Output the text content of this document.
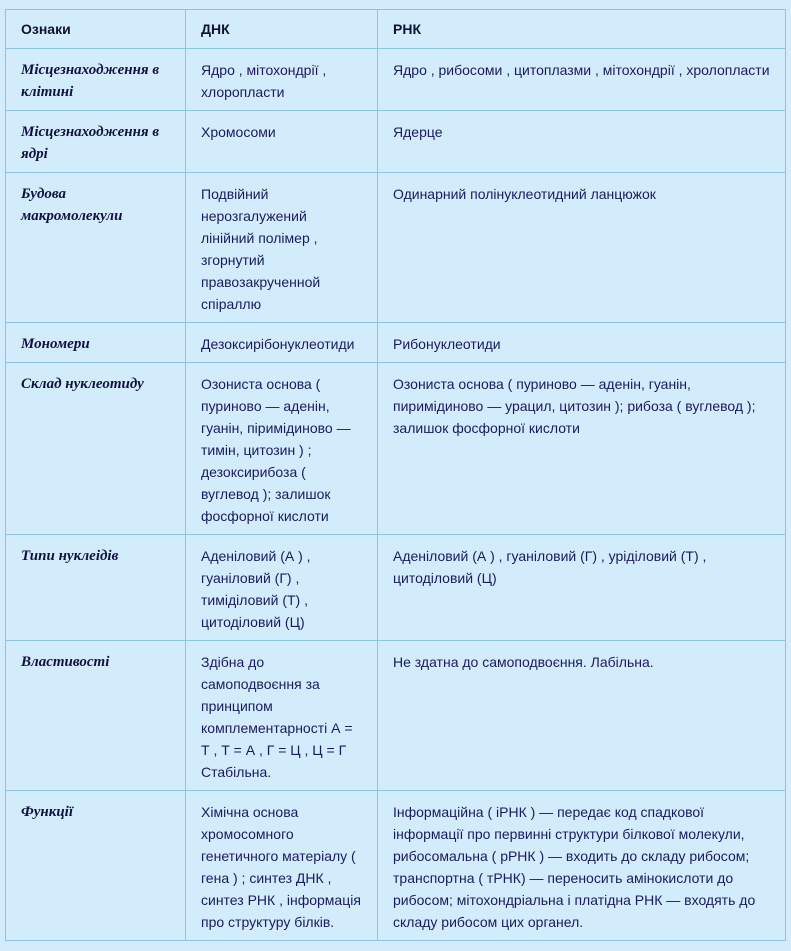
Ознаки	ДНК	РНК
Місцезнаходження в клітині	Ядро , мітохондрії , хлоропласти	Ядро , рибосоми , цитоплазми , мітохондрії , хролопласти
Місцезнаходження в ядрі	Хромосоми	Ядерце
Будова макромолекули	Подвійний нерозгалужений лінійний полімер , згорнутий правозакрученной спіраллю	Одинарний полінуклеотидний ланцюжок
Мономери	Дезоксирібонуклеотиди	Рибонуклеотиди
Склад нуклеотиду	Озониста основа ( пуриново — аденін, гуанін, піримідиново — тимін, цитозин ) ; дезоксирибоза ( вуглевод ); залишок фосфорної кислоти	Озониста основа ( пуриново — аденін, гуанін, пиримідиново — урацил, цитозин ); рибоза ( вуглевод ); залишок фосфорної кислоти
Типи нуклеідів	Аденіловий (А ) , гуаніловий (Г) , тиміділовий (Т) , цитоділовий (Ц)	Аденіловий (А ) , гуаніловий (Г) , уріділовий (Т) , цитоділовий (Ц)
Властивості	Здібна до самоподвоєння за принципом комплементарності А = Т , Т = А , Г = Ц , Ц = Г Стабільна.	Не здатна до самоподвоєння. Лабільна.
Функції	Хімічна основа хромосомного генетичного матеріалу ( гена ) ; синтез ДНК , синтез РНК , інформація про структуру білків.	Інформаційна ( іРНК ) — передає код спадкової інформації про первинні структури білкової молекули, рибосомальна ( рРНК ) — входить до складу рибосом; транспортна ( тРНК) — переносить амінокислоти до рибосом; мітохондріальна і платідна РНК — входять до складу рибосом цих органел.
